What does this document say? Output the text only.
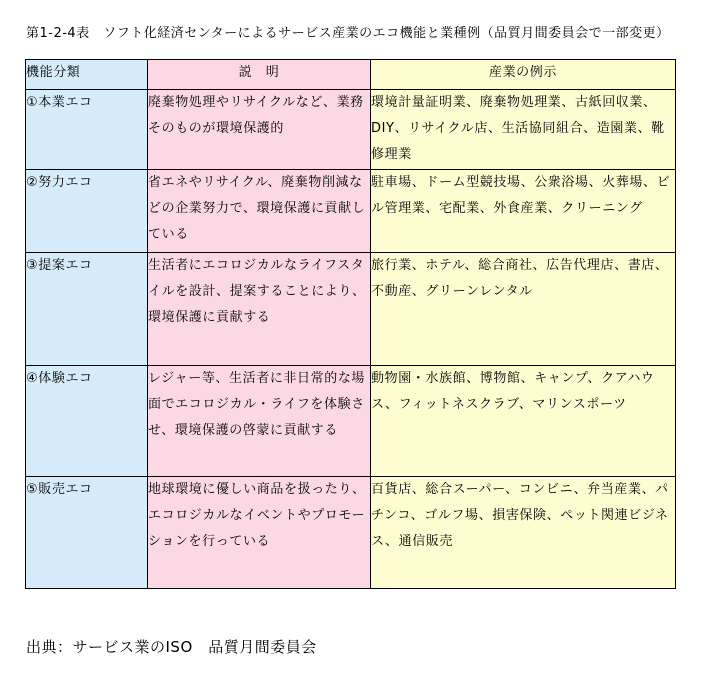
第1-2-4表　ソフト化経済センターによるサービス産業のエコ機能と業種例（品質月間委員会で一部変更）
機能分類	説　明	産業の例示
①本業エコ	廃棄物処理やリサイクルなど、業務そのものが環境保護的	環境計量証明業、廃棄物処理業、古紙回収業、DIY、リサイクル店、生活協同組合、造園業、靴修理業

②努力エコ	省エネやリサイクル、廃棄物削減などの企業努力で、環境保護に貢献している	駐車場、ドーム型競技場、公衆浴場、火葬場、ビル管理業、宅配業、外食産業、クリーニング

③提案エコ	生活者にエコロジカルなライフスタイルを設計、提案することにより、環境保護に貢献する	旅行業、ホテル、総合商社、広告代理店、書店、不動産、グリーンレンタル

④体験エコ	レジャー等、生活者に非日常的な場面でエコロジカル・ライフを体験させ、環境保護の啓蒙に貢献する	動物園・水族館、博物館、キャンプ、クアハウス、フィットネスクラブ、マリンスポーツ

⑤販売エコ	地球環境に優しい商品を扱ったり、エコロジカルなイベントやプロモーションを行っている	百貨店、総合スーパー、コンビニ、弁当産業、パチンコ、ゴルフ場、損害保険、ペット関連ビジネス、通信販売
出典：サービス業のISO　品質月間委員会
